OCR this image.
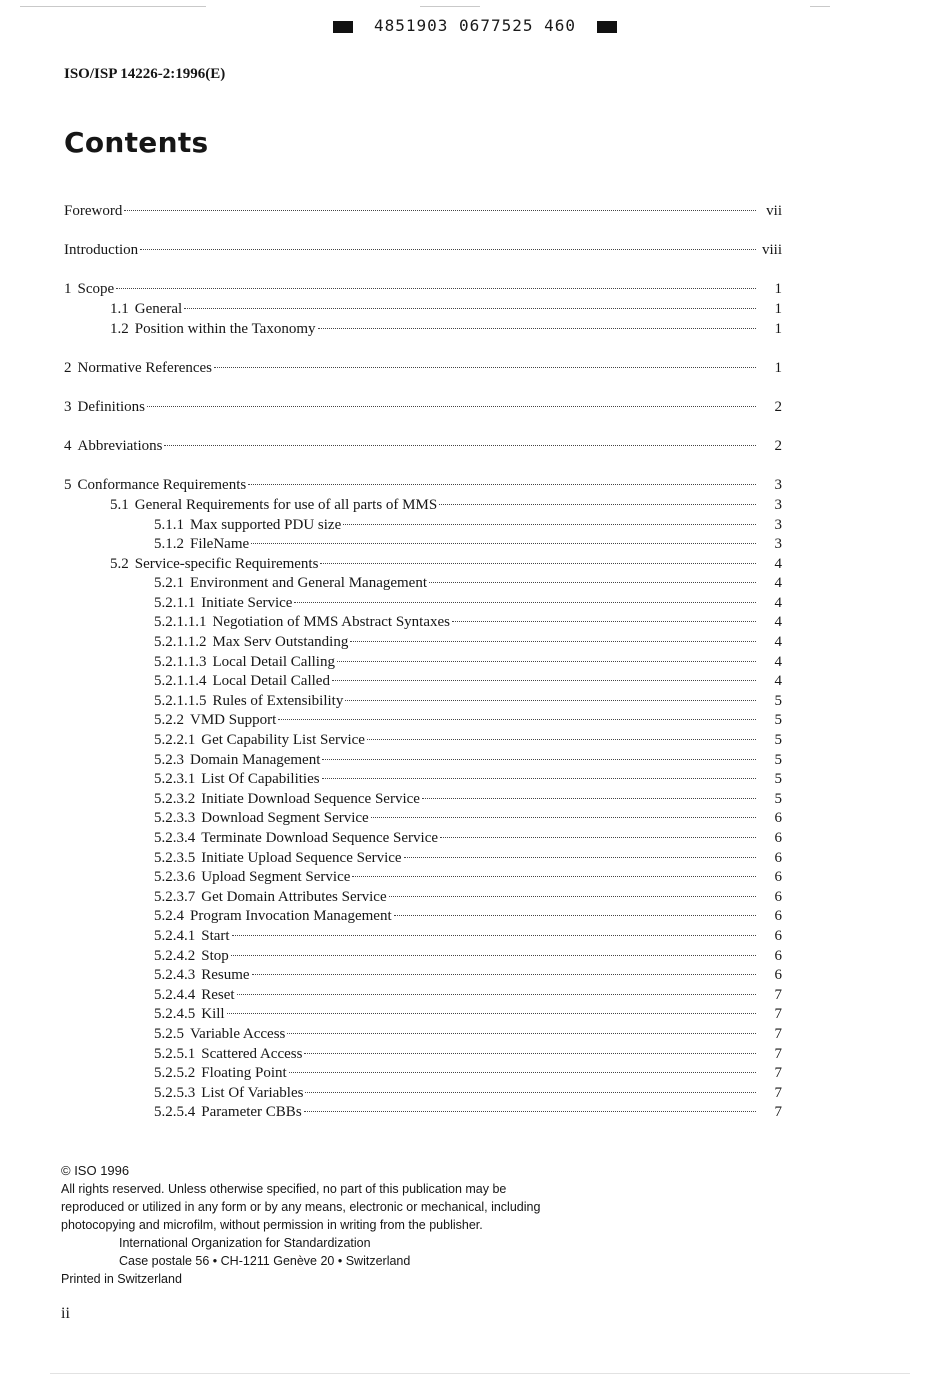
4851903 0677525 460
ISO/ISP 14226-2:1996(E)
Contents
Foreword	vii
Introduction	viii
1 Scope	1
1.1 General	1
1.2 Position within the Taxonomy	1
2 Normative References	1
3 Definitions	2
4 Abbreviations	2
5 Conformance Requirements	3
5.1 General Requirements for use of all parts of MMS	3
5.1.1 Max supported PDU size	3
5.1.2 FileName	3
5.2 Service-specific Requirements	4
5.2.1 Environment and General Management	4
5.2.1.1 Initiate Service	4
5.2.1.1.1 Negotiation of MMS Abstract Syntaxes	4
5.2.1.1.2 Max Serv Outstanding	4
5.2.1.1.3 Local Detail Calling	4
5.2.1.1.4 Local Detail Called	4
5.2.1.1.5 Rules of Extensibility	5
5.2.2 VMD Support	5
5.2.2.1 Get Capability List Service	5
5.2.3 Domain Management	5
5.2.3.1 List Of Capabilities	5
5.2.3.2 Initiate Download Sequence Service	5
5.2.3.3 Download Segment Service	6
5.2.3.4 Terminate Download Sequence Service	6
5.2.3.5 Initiate Upload Sequence Service	6
5.2.3.6 Upload Segment Service	6
5.2.3.7 Get Domain Attributes Service	6
5.2.4 Program Invocation Management	6
5.2.4.1 Start	6
5.2.4.2 Stop	6
5.2.4.3 Resume	6
5.2.4.4 Reset	7
5.2.4.5 Kill	7
5.2.5 Variable Access	7
5.2.5.1 Scattered Access	7
5.2.5.2 Floating Point	7
5.2.5.3 List Of Variables	7
5.2.5.4 Parameter CBBs	7
© ISO 1996
All rights reserved. Unless otherwise specified, no part of this publication may be
reproduced or utilized in any form or by any means, electronic or mechanical, including
photocopying and microfilm, without permission in writing from the publisher.
International Organization for Standardization
Case postale 56 • CH-1211 Genève 20 • Switzerland
Printed in Switzerland
ii
